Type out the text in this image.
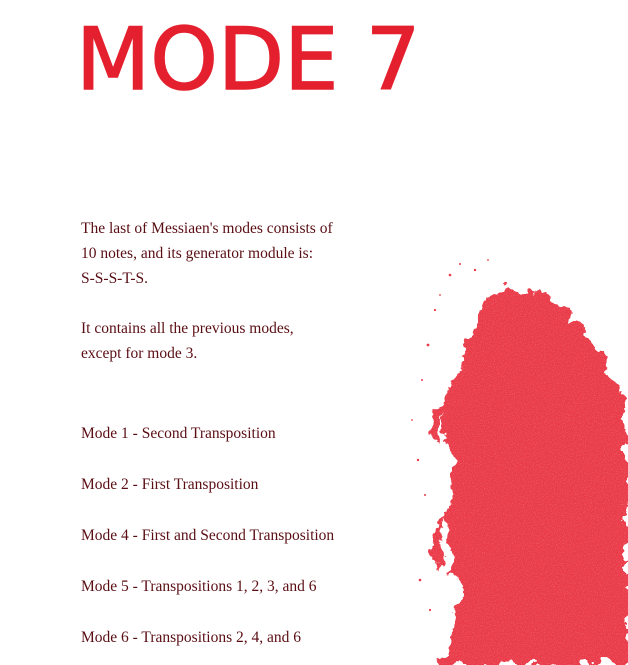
MODE 7
The last of Messiaen's modes consists of
10 notes, and its generator module is:
S-S-S-T-S.
It contains all the previous modes,
except for mode 3.
Mode 1 - Second Transposition
Mode 2 - First Transposition
Mode 4 - First and Second Transposition
Mode 5 - Transpositions 1, 2, 3, and 6
Mode 6 - Transpositions 2, 4, and 6
